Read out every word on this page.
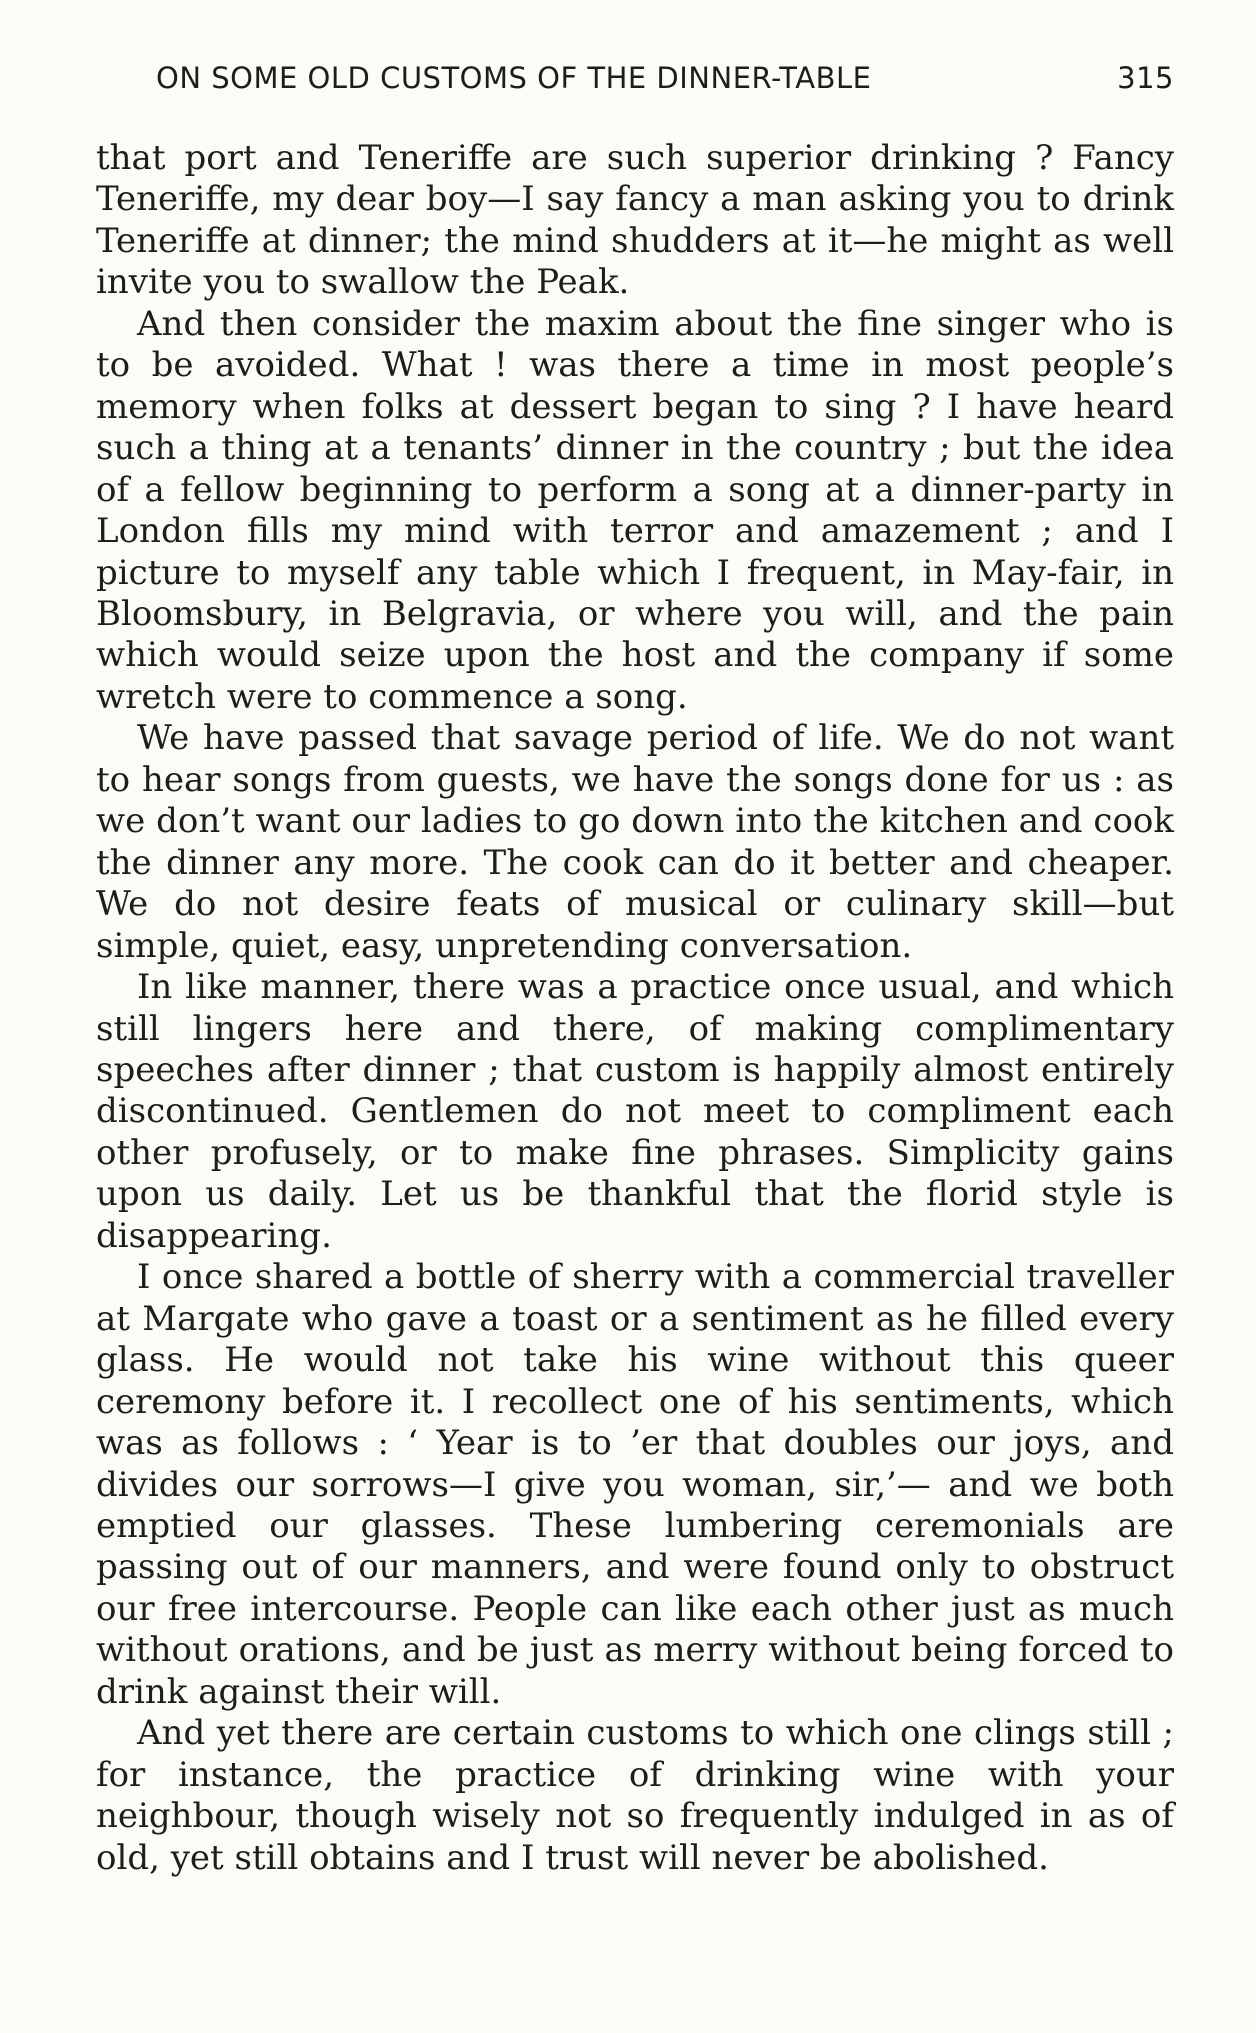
ON SOME OLD CUSTOMS OF THE DINNER-TABLE	315

that port and Teneriffe are such superior drinking ? Fancy Teneriffe, my dear boy—I say fancy a man asking you to drink Teneriffe at dinner; the mind shudders at it—he might as well invite you to swallow the Peak.

And then consider the maxim about the fine singer who is to be avoided. What ! was there a time in most people’s memory when folks at dessert began to sing ? I have heard such a thing at a tenants’ dinner in the country ; but the idea of a fellow beginning to perform a song at a dinner-party in London fills my mind with terror and amazement ; and I picture to myself any table which I frequent, in May-fair, in Bloomsbury, in Belgravia, or where you will, and the pain which would seize upon the host and the company if some wretch were to commence a song.

We have passed that savage period of life. We do not want to hear songs from guests, we have the songs done for us : as we don’t want our ladies to go down into the kitchen and cook the dinner any more. The cook can do it better and cheaper. We do not desire feats of musical or culinary skill—but simple, quiet, easy, unpretending conversation.

In like manner, there was a practice once usual, and which still lingers here and there, of making complimentary speeches after dinner ; that custom is happily almost entirely discontinued. Gentlemen do not meet to compliment each other profusely, or to make fine phrases. Simplicity gains upon us daily. Let us be thankful that the florid style is disappearing.

I once shared a bottle of sherry with a commercial traveller at Margate who gave a toast or a sentiment as he filled every glass. He would not take his wine without this queer ceremony before it. I recollect one of his sentiments, which was as follows : ‘ Year is to ’er that doubles our joys, and divides our sorrows—I give you woman, sir,’— and we both emptied our glasses. These lumbering ceremonials are passing out of our manners, and were found only to obstruct our free intercourse. People can like each other just as much without orations, and be just as merry without being forced to drink against their will.

And yet there are certain customs to which one clings still ; for instance, the practice of drinking wine with your neighbour, though wisely not so frequently indulged in as of old, yet still obtains and I trust will never be abolished.
